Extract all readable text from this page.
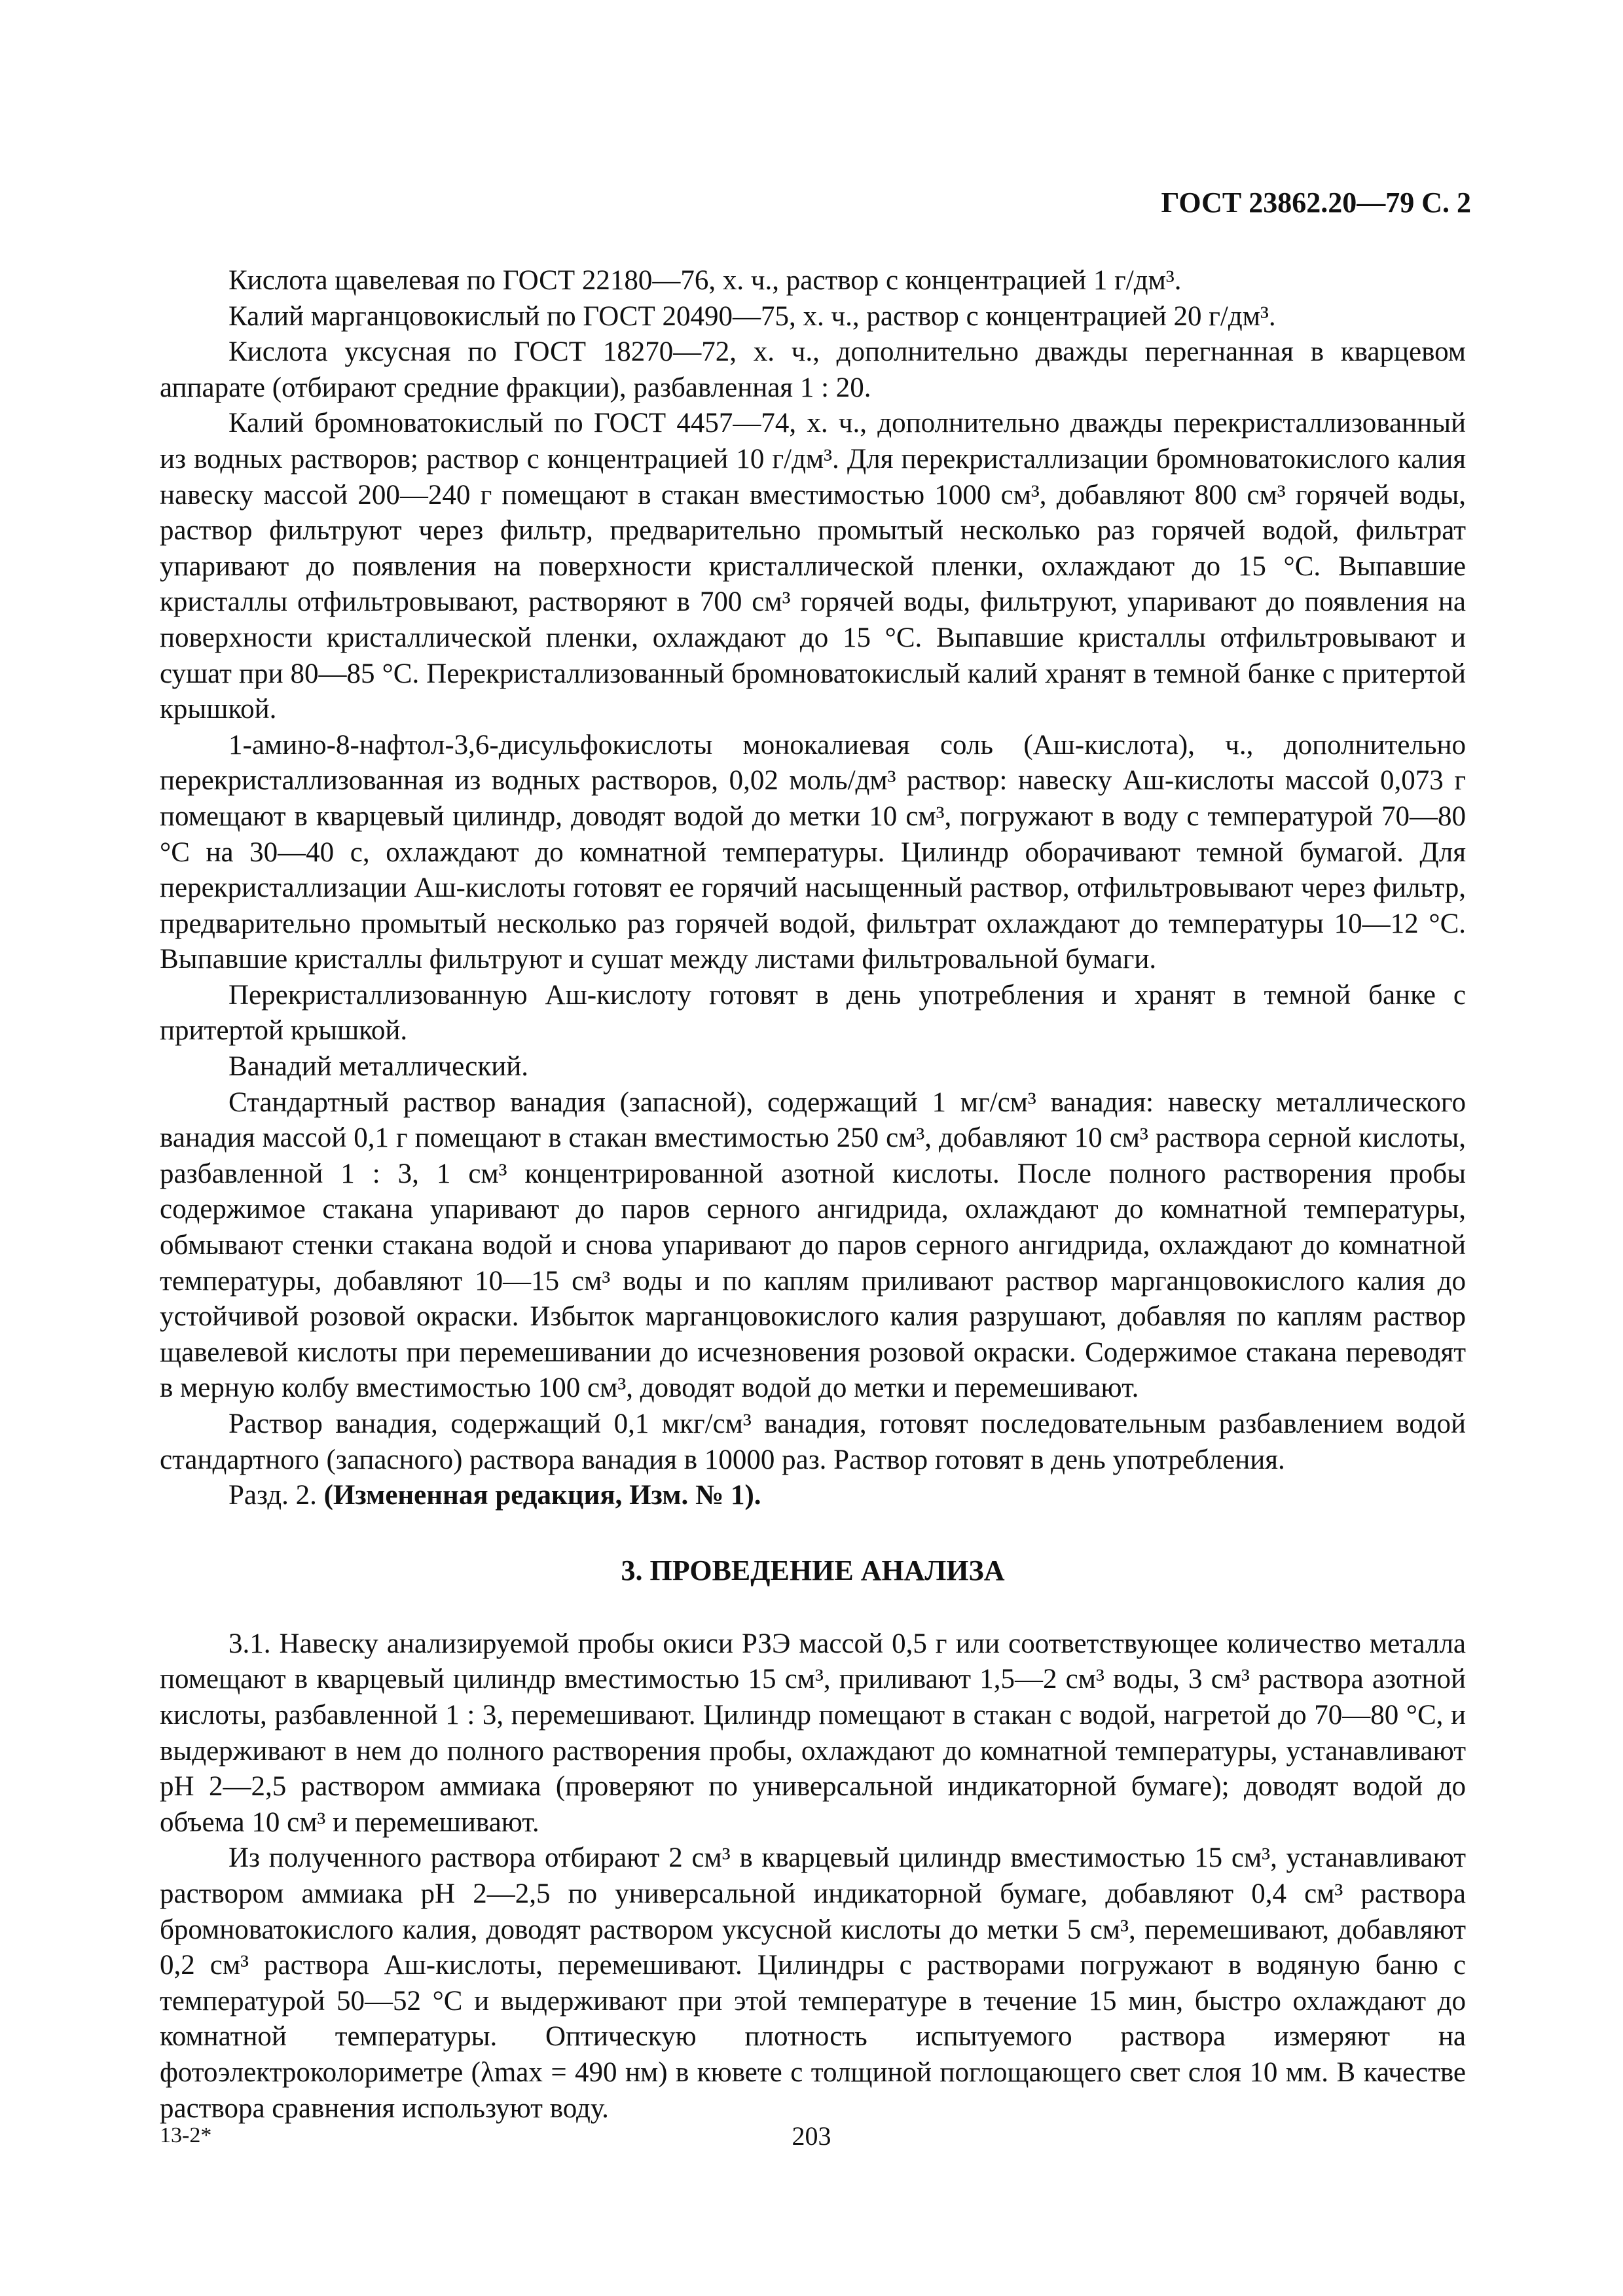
ГОСТ 23862.20—79 С. 2

Кислота щавелевая по ГОСТ 22180—76, х. ч., раствор с концентрацией 1 г/дм³.

Калий марганцовокислый по ГОСТ 20490—75, х. ч., раствор с концентрацией 20 г/дм³.

Кислота уксусная по ГОСТ 18270—72, х. ч., дополнительно дважды перегнанная в кварцевом аппарате (отбирают средние фракции), разбавленная 1 : 20.

Калий бромноватокислый по ГОСТ 4457—74, х. ч., дополнительно дважды перекристаллизованный из водных растворов; раствор с концентрацией 10 г/дм³. Для перекристаллизации бромноватокислого калия навеску массой 200—240 г помещают в стакан вместимостью 1000 см³, добавляют 800 см³ горячей воды, раствор фильтруют через фильтр, предварительно промытый несколько раз горячей водой, фильтрат упаривают до появления на поверхности кристаллической пленки, охлаждают до 15 °С. Выпавшие кристаллы отфильтровывают, растворяют в 700 см³ горячей воды, фильтруют, упаривают до появления на поверхности кристаллической пленки, охлаждают до 15 °С. Выпавшие кристаллы отфильтровывают и сушат при 80—85 °С. Перекристаллизованный бромноватокислый калий хранят в темной банке с притертой крышкой.

1-амино-8-нафтол-3,6-дисульфокислоты монокалиевая соль (Аш-кислота), ч., дополнительно перекристаллизованная из водных растворов, 0,02 моль/дм³ раствор: навеску Аш-кислоты массой 0,073 г помещают в кварцевый цилиндр, доводят водой до метки 10 см³, погружают в воду с температурой 70—80 °С на 30—40 с, охлаждают до комнатной температуры. Цилиндр оборачивают темной бумагой. Для перекристаллизации Аш-кислоты готовят ее горячий насыщенный раствор, отфильтровывают через фильтр, предварительно промытый несколько раз горячей водой, фильтрат охлаждают до температуры 10—12 °С. Выпавшие кристаллы фильтруют и сушат между листами фильтровальной бумаги.

Перекристаллизованную Аш-кислоту готовят в день употребления и хранят в темной банке с притертой крышкой.

Ванадий металлический.

Стандартный раствор ванадия (запасной), содержащий 1 мг/см³ ванадия: навеску металлического ванадия массой 0,1 г помещают в стакан вместимостью 250 см³, добавляют 10 см³ раствора серной кислоты, разбавленной 1 : 3, 1 см³ концентрированной азотной кислоты. После полного растворения пробы содержимое стакана упаривают до паров серного ангидрида, охлаждают до комнатной температуры, обмывают стенки стакана водой и снова упаривают до паров серного ангидрида, охлаждают до комнатной температуры, добавляют 10—15 см³ воды и по каплям приливают раствор марганцовокислого калия до устойчивой розовой окраски. Избыток марганцовокислого калия разрушают, добавляя по каплям раствор щавелевой кислоты при перемешивании до исчезновения розовой окраски. Содержимое стакана переводят в мерную колбу вместимостью 100 см³, доводят водой до метки и перемешивают.

Раствор ванадия, содержащий 0,1 мкг/см³ ванадия, готовят последовательным разбавлением водой стандартного (запасного) раствора ванадия в 10000 раз. Раствор готовят в день употребления.

Разд. 2. (Измененная редакция, Изм. № 1).

3. ПРОВЕДЕНИЕ АНАЛИЗА

3.1. Навеску анализируемой пробы окиси РЗЭ массой 0,5 г или соответствующее количество металла помещают в кварцевый цилиндр вместимостью 15 см³, приливают 1,5—2 см³ воды, 3 см³ раствора азотной кислоты, разбавленной 1 : 3, перемешивают. Цилиндр помещают в стакан с водой, нагретой до 70—80 °С, и выдерживают в нем до полного растворения пробы, охлаждают до комнатной температуры, устанавливают рН 2—2,5 раствором аммиака (проверяют по универсальной индикаторной бумаге); доводят водой до объема 10 см³ и перемешивают.

Из полученного раствора отбирают 2 см³ в кварцевый цилиндр вместимостью 15 см³, устанавливают раствором аммиака рН 2—2,5 по универсальной индикаторной бумаге, добавляют 0,4 см³ раствора бромноватокислого калия, доводят раствором уксусной кислоты до метки 5 см³, перемешивают, добавляют 0,2 см³ раствора Аш-кислоты, перемешивают. Цилиндры с растворами погружают в водяную баню с температурой 50—52 °С и выдерживают при этой температуре в течение 15 мин, быстро охлаждают до комнатной температуры. Оптическую плотность испытуемого раствора измеряют на фотоэлектроколориметре (λmax = 490 нм) в кювете с толщиной поглощающего свет слоя 10 мм. В качестве раствора сравнения используют воду.

13-2*	203
